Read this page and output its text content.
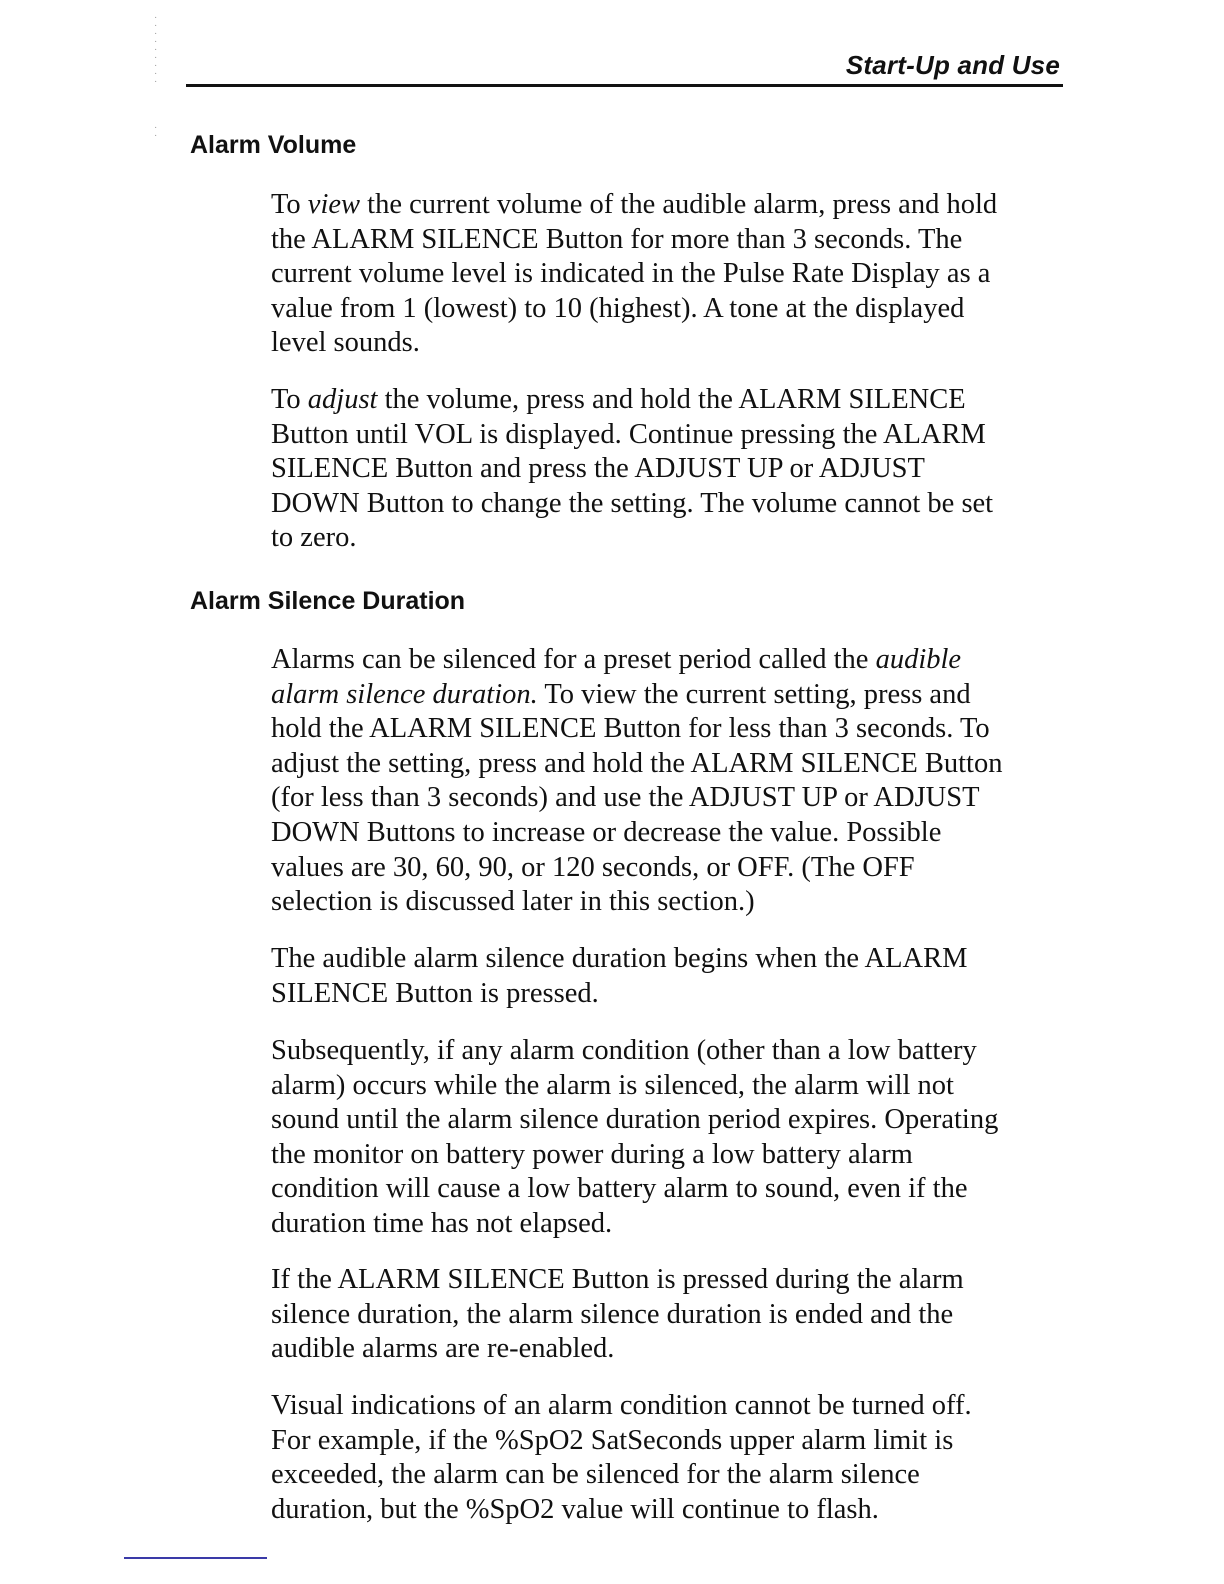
Start-Up and Use
·
·
·
·
·
·
·
·
·
·
· Alarm Volume

To view the current volume of the audible alarm, press and hold
the ALARM SILENCE Button for more than 3 seconds. The
current volume level is indicated in the Pulse Rate Display as a
value from 1 (lowest) to 10 (highest). A tone at the displayed
level sounds.

To adjust the volume, press and hold the ALARM SILENCE
Button until VOL is displayed. Continue pressing the ALARM
SILENCE Button and press the ADJUST UP or ADJUST
DOWN Button to change the setting. The volume cannot be set
to zero.

Alarm Silence Duration

Alarms can be silenced for a preset period called the audible
alarm silence duration. To view the current setting, press and
hold the ALARM SILENCE Button for less than 3 seconds. To
adjust the setting, press and hold the ALARM SILENCE Button
(for less than 3 seconds) and use the ADJUST UP or ADJUST
DOWN Buttons to increase or decrease the value. Possible
values are 30, 60, 90, or 120 seconds, or OFF. (The OFF
selection is discussed later in this section.)

The audible alarm silence duration begins when the ALARM
SILENCE Button is pressed.

Subsequently, if any alarm condition (other than a low battery
alarm) occurs while the alarm is silenced, the alarm will not
sound until the alarm silence duration period expires. Operating
the monitor on battery power during a low battery alarm
condition will cause a low battery alarm to sound, even if the
duration time has not elapsed.

If the ALARM SILENCE Button is pressed during the alarm
silence duration, the alarm silence duration is ended and the
audible alarms are re-enabled.

Visual indications of an alarm condition cannot be turned off.
For example, if the %SpO2 SatSeconds upper alarm limit is
exceeded, the alarm can be silenced for the alarm silence
duration, but the %SpO2 value will continue to flash.
